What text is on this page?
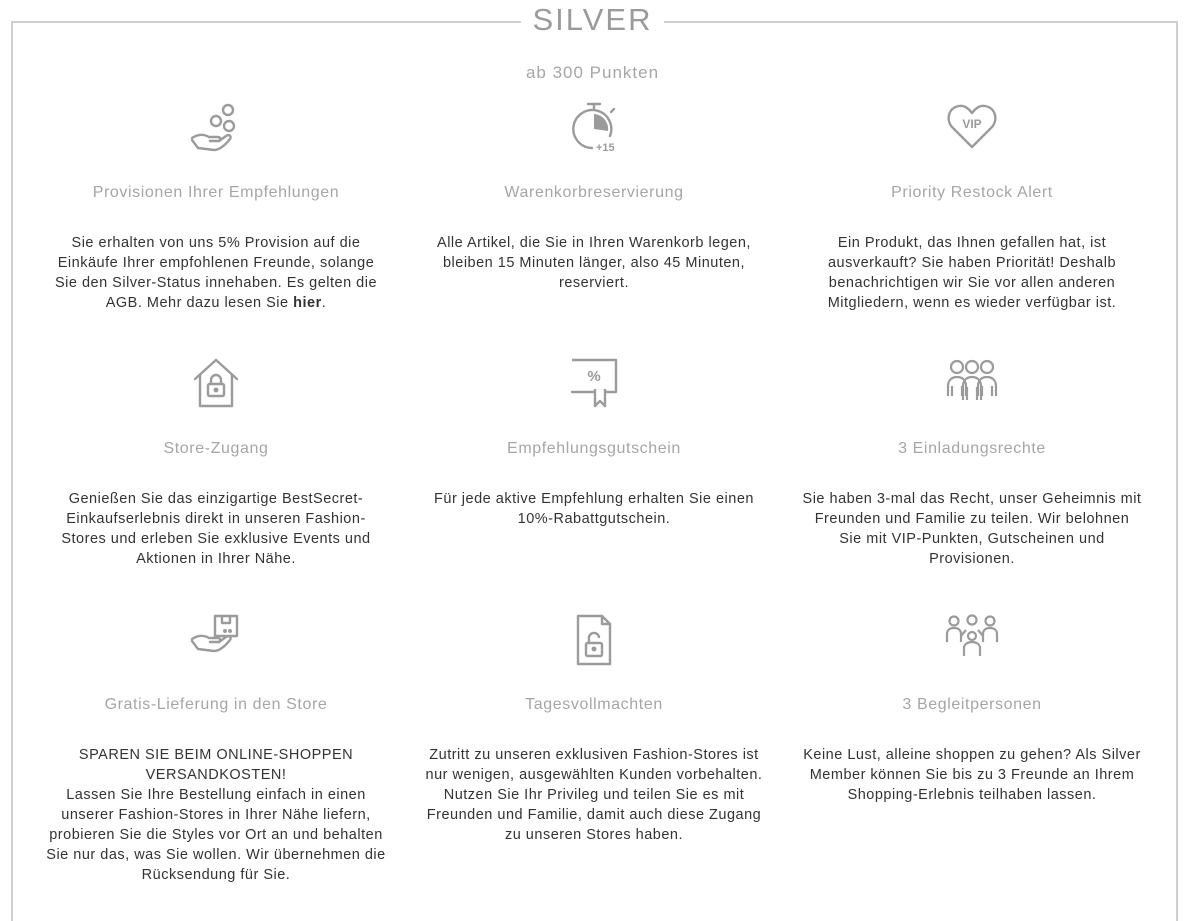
SILVER
ab 300 Punkten
Provisionen Ihrer Empfehlungen
Sie erhalten von uns 5% Provision auf die Einkäufe Ihrer empfohlenen Freunde, solange Sie den Silver-Status innehaben. Es gelten die AGB. Mehr dazu lesen Sie hier.
+15
Warenkorbreservierung
Alle Artikel, die Sie in Ihren Warenkorb legen, bleiben 15 Minuten länger, also 45 Minuten, reserviert.
VIP
Priority Restock Alert
Ein Produkt, das Ihnen gefallen hat, ist ausverkauft? Sie haben Priorität! Deshalb benachrichtigen wir Sie vor allen anderen Mitgliedern, wenn es wieder verfügbar ist.
Store-Zugang
Genießen Sie das einzigartige BestSecret-Einkaufserlebnis direkt in unseren Fashion-Stores und erleben Sie exklusive Events und Aktionen in Ihrer Nähe.
%
Empfehlungsgutschein
Für jede aktive Empfehlung erhalten Sie einen 10%-Rabattgutschein.
3 Einladungsrechte
Sie haben 3-mal das Recht, unser Geheimnis mit Freunden und Familie zu teilen. Wir belohnen Sie mit VIP-Punkten, Gutscheinen und Provisionen.
Gratis-Lieferung in den Store
SPAREN SIE BEIM ONLINE-SHOPPEN VERSANDKOSTEN!
Lassen Sie Ihre Bestellung einfach in einen unserer Fashion-Stores in Ihrer Nähe liefern, probieren Sie die Styles vor Ort an und behalten Sie nur das, was Sie wollen. Wir übernehmen die Rücksendung für Sie.
Tagesvollmachten
Zutritt zu unseren exklusiven Fashion-Stores ist nur wenigen, ausgewählten Kunden vorbehalten. Nutzen Sie Ihr Privileg und teilen Sie es mit Freunden und Familie, damit auch diese Zugang zu unseren Stores haben.
3 Begleitpersonen
Keine Lust, alleine shoppen zu gehen? Als Silver Member können Sie bis zu 3 Freunde an Ihrem Shopping-Erlebnis teilhaben lassen.
